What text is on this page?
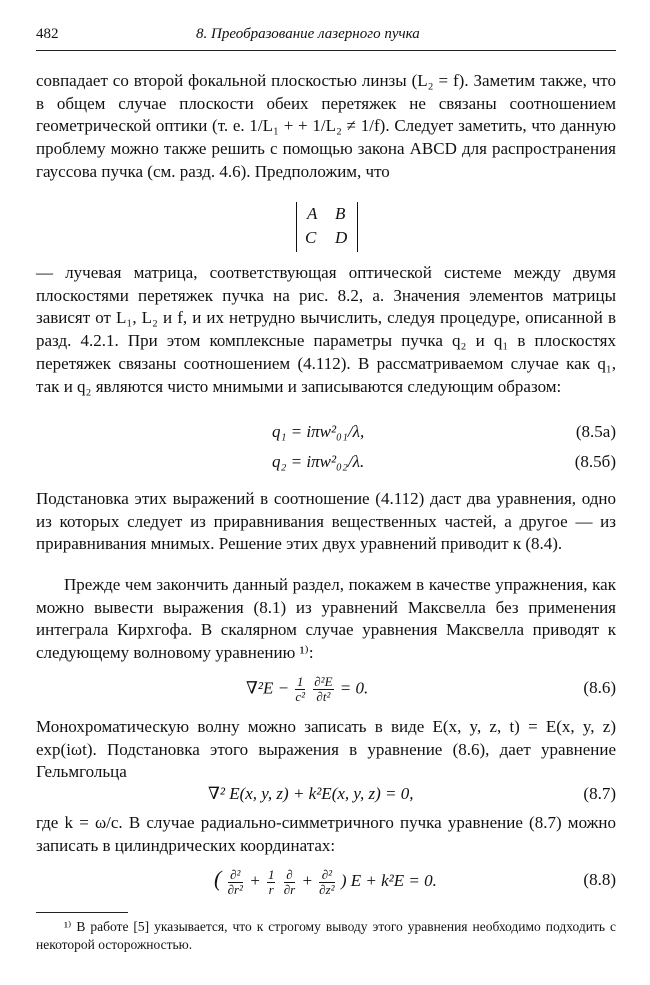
482	8. Преобразование лазерного пучка

совпадает со второй фокальной плоскостью линзы (L₂ = f). Заметим также, что в общем случае плоскости обеих перетяжек не связаны соотношением геометрической оптики (т. е. 1/L₁ + + 1/L₂ ≠ 1/f). Следует заметить, что данную проблему можно также решить с помощью закона ABCD для распространения гауссова пучка (см. разд. 4.6). Предположим, что

A B
C D

— лучевая матрица, соответствующая оптической системе между двумя плоскостями перетяжек пучка на рис. 8.2, а. Значения элементов матрицы зависят от L₁, L₂ и f, и их нетрудно вычислить, следуя процедуре, описанной в разд. 4.2.1. При этом комплексные параметры пучка q₂ и q₁ в плоскостях перетяжек связаны соотношением (4.112). В рассматриваемом случае как q₁, так и q₂ являются чисто мнимыми и записываются следующим образом:

q₁ = iπw²₀₁/λ,	(8.5а)
q₂ = iπw²₀₂/λ.	(8.5б)

Подстановка этих выражений в соотношение (4.112) даст два уравнения, одно из которых следует из приравнивания вещественных частей, а другое — из приравнивания мнимых. Решение этих двух уравнений приводит к (8.4).

Прежде чем закончить данный раздел, покажем в качестве упражнения, как можно вывести выражения (8.1) из уравнений Максвелла без применения интеграла Кирхгофа. В скалярном случае уравнения Максвелла приводят к следующему волновому уравнению ¹⁾:

$\nabla^2E - \frac{1}{\text{c²}}$
$\frac{\text{∂²E}}{\text{∂t²}} = 0$.	(8.6)

Монохроматическую волну можно записать в виде E(x, y, z, t) = E(x, y, z) exp(iωt). Подстановка этого выражения в уравнение (8.6), дает уравнение Гельмгольца

∇² E(x, y, z) + k²E(x, y, z) = 0,	(8.7)

где k = ω/c. В случае радиально-симметричного пучка уравнение (8.7) можно записать в цилиндрических координатах:

( $\frac{\text{∂²}}{\text{∂r²}} + \frac{1}{r}$
$\frac{\partial}{\partial r} + \frac{\text{∂²}}{\text{∂z²}}$ ) E + k²E = 0.	(8.8)

¹⁾ В работе [5] указывается, что к строгому выводу этого уравнения необходимо подходить с некоторой осторожностью.
